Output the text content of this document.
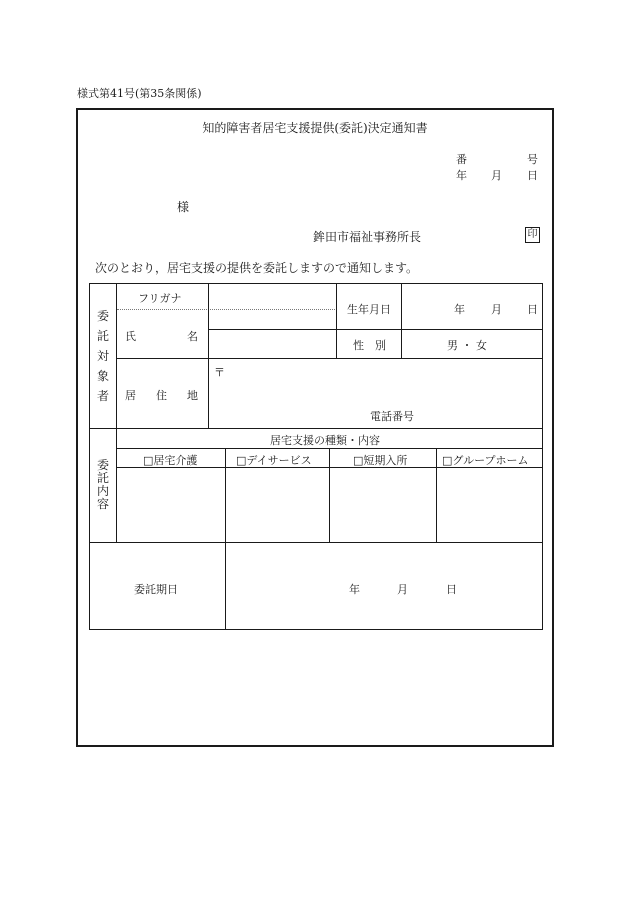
様式第41号(第35条関係)
知的障害者居宅支援提供(委託)決定通知書
番	号
年 月 日
様
鉾田市福祉事務所長	印
次のとおり，居宅支援の提供を委託しますので通知します。
委
託
対
象
者
フリガナ
氏	名
生年月日	年 月 日
性 別	男 ・ 女
居 住 地
〒
電話番号
委
託
内
容
居宅支援の種類・内容
□居宅介護	□デイサービス	□短期入所	□グループホーム
委託期日	年	月	日
